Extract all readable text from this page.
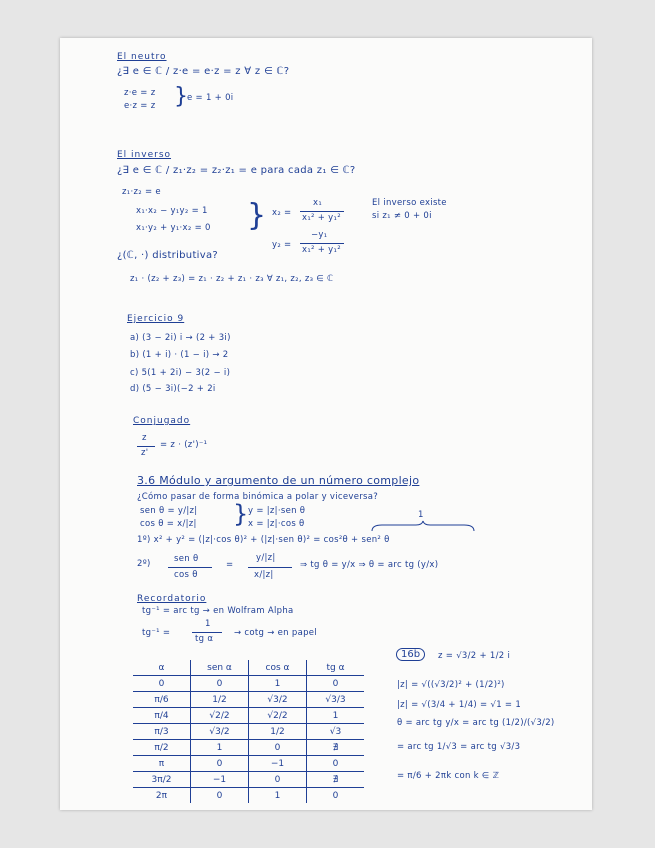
El neutro
¿∃ e ∈ ℂ / z·e = e·z = z ∀ z ∈ ℂ?
z·e = z
e·z = z } e = 1 + 0i
El inverso
¿∃ e ∈ ℂ / z₁·z₂ = z₂·z₁ = e para cada z₁ ∈ ℂ?
z₁·z₂ = e
x₁·x₂ − y₁y₂ = 1
x₁·y₂ + y₁·x₂ = 0 } x₂ =
x₁
x₁² + y₁²
y₂ =
−y₁
x₁² + y₁²
El inverso existe
si z₁ ≠ 0 + 0i
¿(ℂ, ·) distributiva?
z₁ · (z₂ + z₃) = z₁ · z₂ + z₁ · z₃ ∀ z₁, z₂, z₃ ∈ ℂ
Ejercicio 9
a) (3 − 2i) i → (2 + 3i)
b) (1 + i) · (1 − i) → 2
c) 5(1 + 2i) − 3(2 − i)
d) (5 − 3i)(−2 + 2i
Conjugado
z
z'
= z · (z')⁻¹
3.6 Módulo y argumento de un número complejo
¿Cómo pasar de forma binómica a polar y viceversa?
sen θ = y/|z|
cos θ = x/|z| } y = |z|·sen θ
x = |z|·cos θ
1
1º) x² + y² = (|z|·cos θ)² + (|z|·sen θ)² = cos²θ + sen² θ
2º)	sen θ
cos θ
=
y/|z|
x/|z|
⇒ tg θ = y/x ⇒ θ = arc tg (y/x)
Recordatorio
tg⁻¹ = arc tg → en Wolfram Alpha
tg⁻¹ =
1
tg α
→ cotg → en papel
α	sen α	cos α	tg α
0	0	1	0
π/6	1/2	√3/2	√3/3
π/4	√2/2	√2/2	1
π/3	√3/2	1/2	√3
π/2	1	0	∄
π	0	−1	0
3π/2	−1	0	∄
2π	0	1	0
16b	z = √3/2 + 1/2 i
|z| = √((√3/2)² + (1/2)²)
|z| = √(3/4 + 1/4) = √1 = 1
θ = arc tg y/x = arc tg (1/2)/(√3/2)
= arc tg 1/√3 = arc tg √3/3
= π/6 + 2πk con k ∈ ℤ
